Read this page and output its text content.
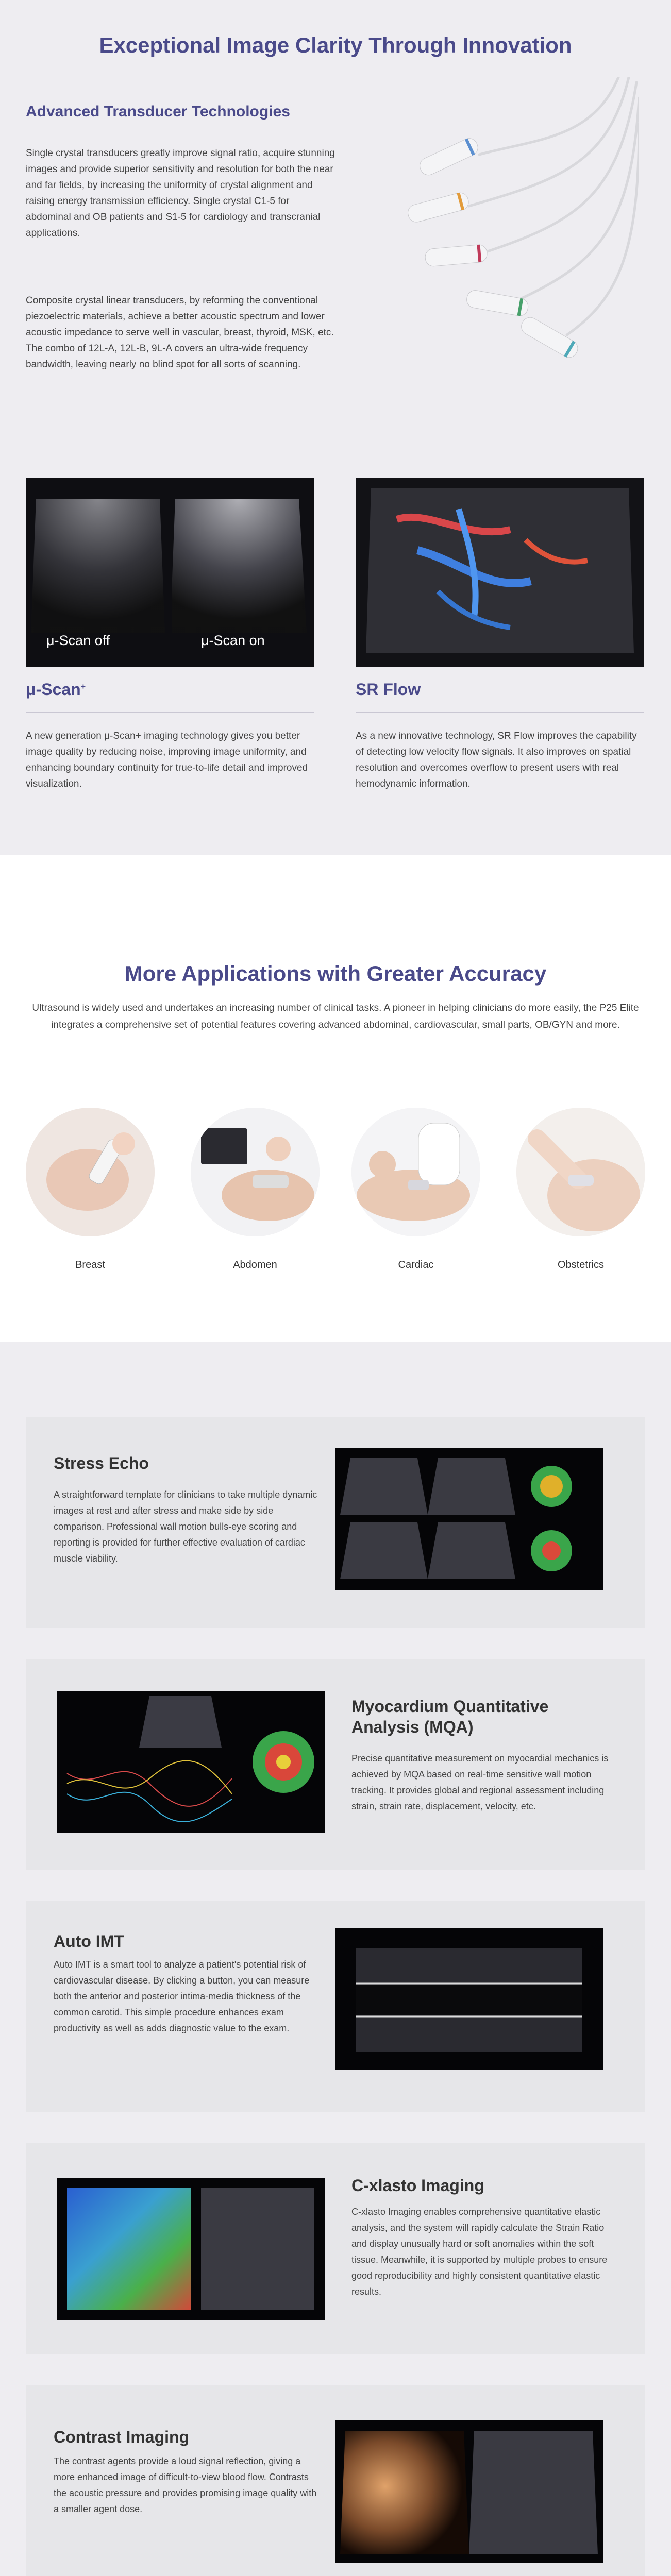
Exceptional Image Clarity Through Innovation
Advanced Transducer Technologies

Single crystal transducers greatly improve signal ratio, acquire stunning images and provide superior sensitivity and resolution for both the near and far fields, by increasing the uniformity of crystal alignment and raising energy transmission efficiency. Single crystal C1-5 for abdominal and OB patients and S1-5 for cardiology and transcranial applications.

Composite crystal linear transducers, by reforming the conventional piezoelectric materials, achieve a better acoustic spectrum and lower acoustic impedance to serve well in vascular, breast, thyroid, MSK, etc. The combo of 12L-A, 12L-B, 9L-A covers an ultra-wide frequency bandwidth, leaving nearly no blind spot for all sorts of scanning.

μ-Scan off	μ-Scan on
μ-Scan+	SR Flow

A new generation μ-Scan+ imaging technology gives you better image quality by reducing noise, improving image uniformity, and enhancing boundary continuity for true-to-life detail and improved visualization.

As a new innovative technology, SR Flow improves the capability of detecting low velocity flow signals. It also improves on spatial resolution and overcomes overflow to present users with real hemodynamic information.

More Applications with Greater Accuracy

Ultrasound is widely used and undertakes an increasing number of clinical tasks. A pioneer in helping clinicians do more easily, the P25 Elite integrates a comprehensive set of potential features covering advanced abdominal, cardiovascular, small parts, OB/GYN and more.

Breast	Abdomen	Cardiac	Obstetrics
Stress Echo

A straightforward template for clinicians to take multiple dynamic images at rest and after stress and make side by side comparison. Professional wall motion bulls-eye scoring and reporting is provided for further effective evaluation of cardiac muscle viability.

Myocardium Quantitative Analysis (MQA)

Precise quantitative measurement on myocardial mechanics is achieved by MQA based on real-time sensitive wall motion tracking. It provides global and regional assessment including strain, strain rate, displacement, velocity, etc.

Auto IMT

Auto IMT is a smart tool to analyze a patient's potential risk of cardiovascular disease. By clicking a button, you can measure both the anterior and posterior intima-media thickness of the common carotid. This simple procedure enhances exam productivity as well as adds diagnostic value to the exam.

C-xlasto Imaging

C-xlasto Imaging enables comprehensive quantitative elastic analysis, and the system will rapidly calculate the Strain Ratio and display unusually hard or soft anomalies within the soft tissue. Meanwhile, it is supported by multiple probes to ensure good reproducibility and highly consistent quantitative elastic results.

Contrast Imaging

The contrast agents provide a loud signal reflection, giving a more enhanced image of difficult-to-view blood flow. Contrasts the acoustic pressure and provides promising image quality with a smaller agent dose.
